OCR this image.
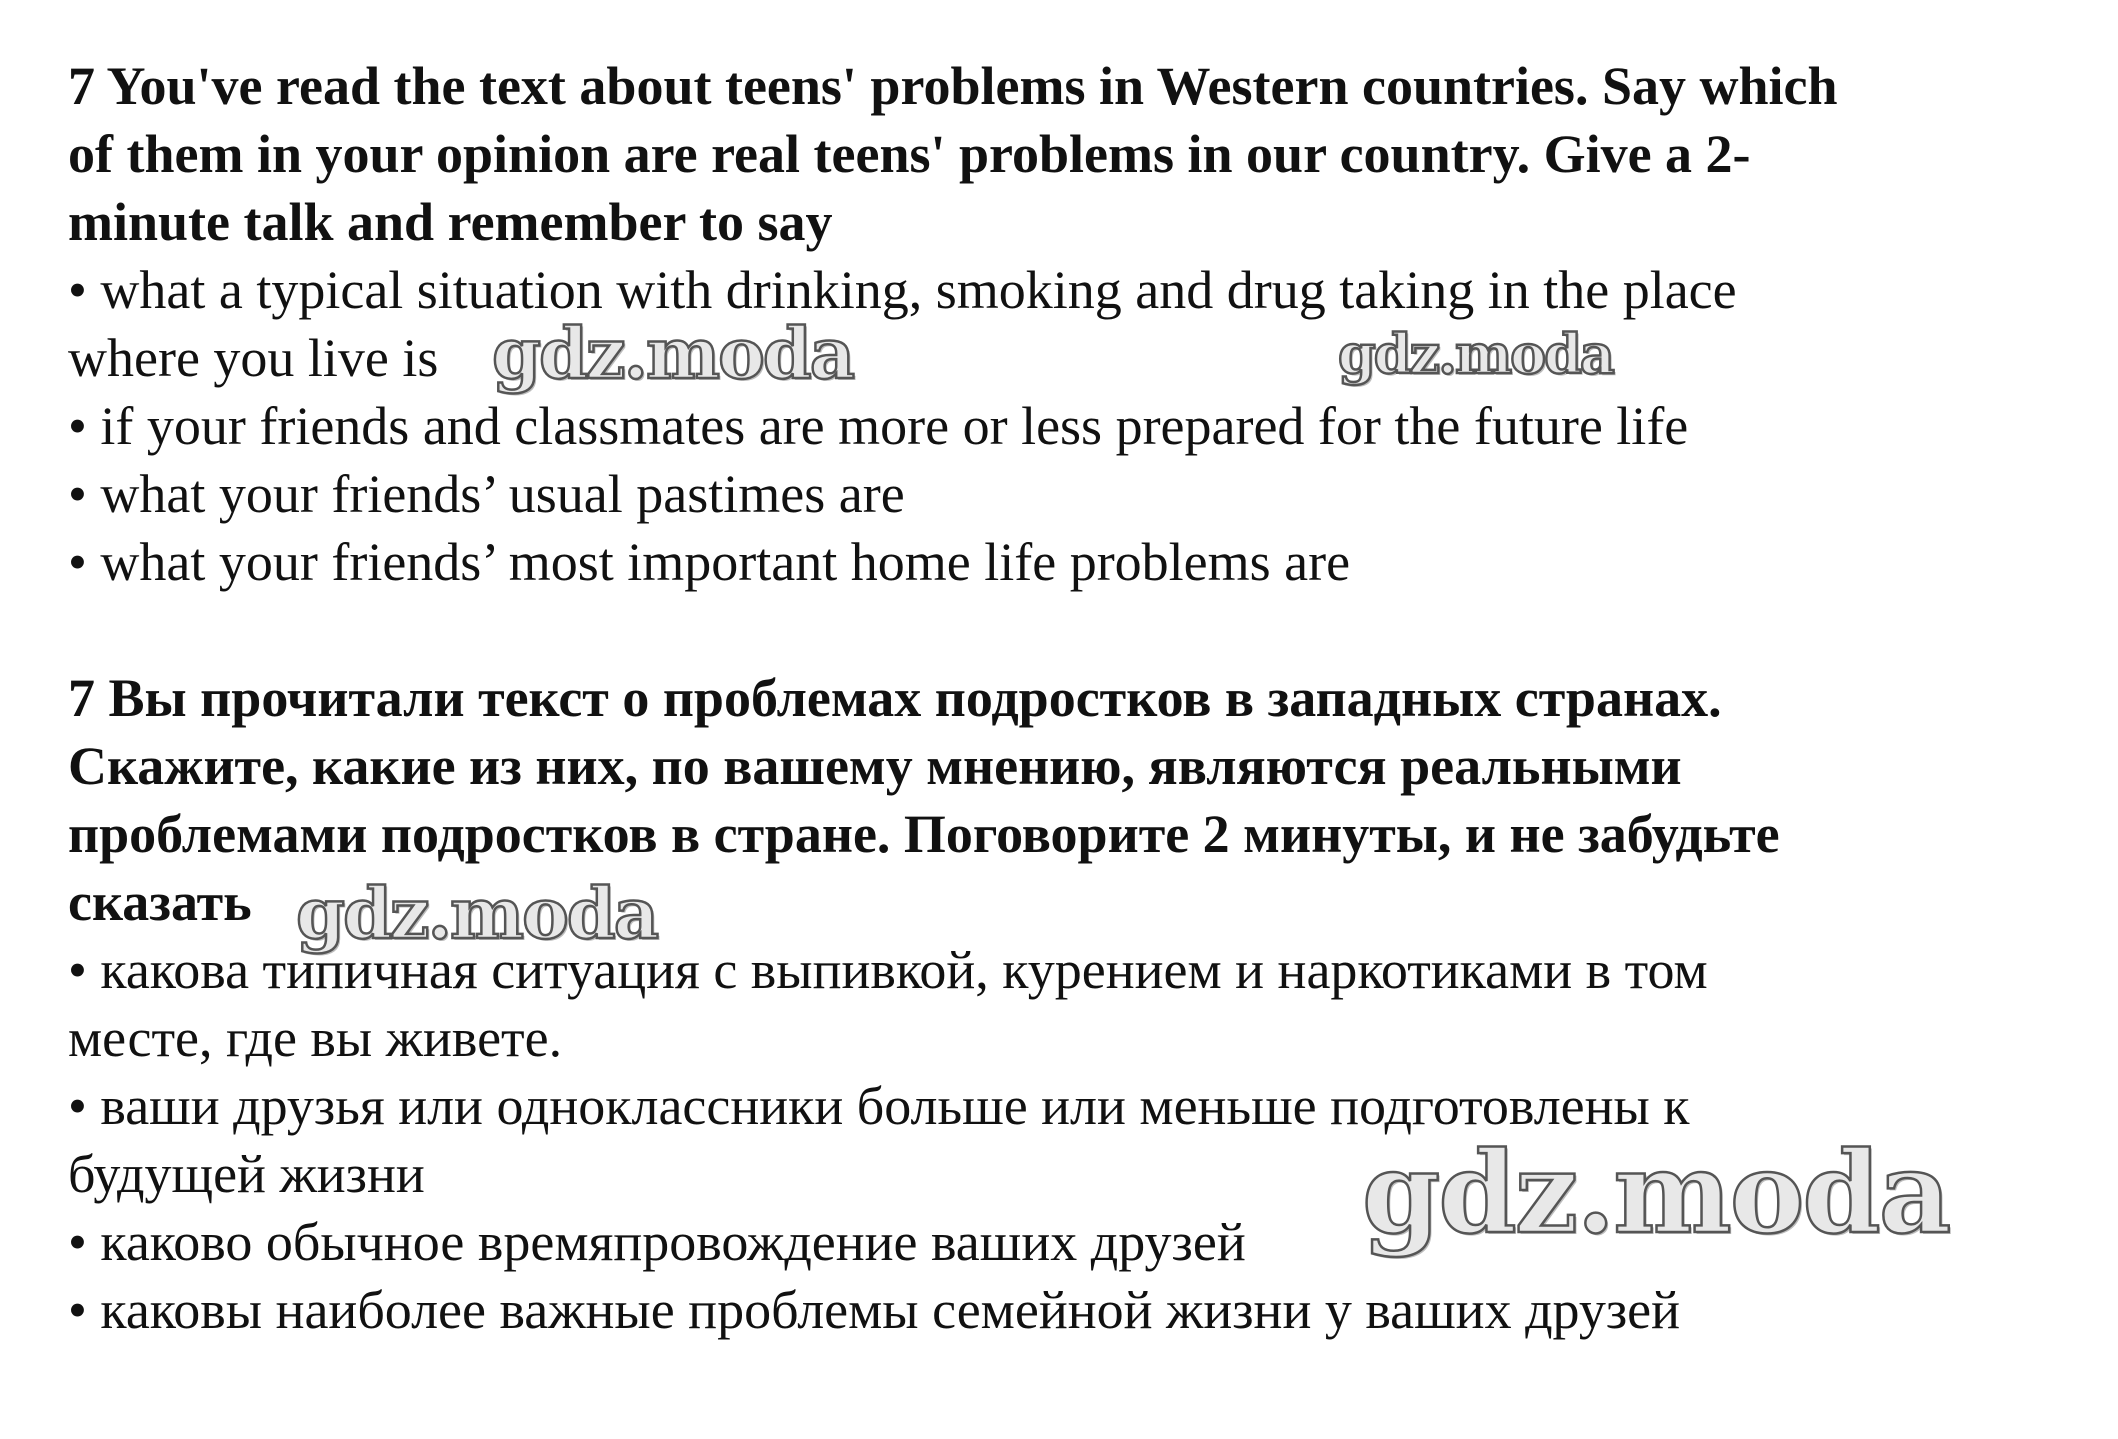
7 You've read the text about teens' problems in Western countries. Say which

of them in your opinion are real teens' problems in our country. Give a 2-

minute talk and remember to say

• what a typical situation with drinking, smoking and drug taking in the place

where you live is

• if your friends and classmates are more or less prepared for the future life

• what your friends’ usual pastimes are

• what your friends’ most important home life problems are

7 Вы прочитали текст о проблемах подростков в западных странах.

Скажите, какие из них, по вашему мнению, являются реальными

проблемами подростков в стране. Поговорите 2 минуты, и не забудьте

сказать

• какова типичная ситуация с выпивкой, курением и наркотиками в том

месте, где вы живете.

• ваши друзья или одноклассники больше или меньше подготовлены к

будущей жизни

• каково обычное времяпровождение ваших друзей

• каковы наиболее важные проблемы семейной жизни у ваших друзей

gdz.moda	gdz.moda
gdz.moda
gdz.moda
